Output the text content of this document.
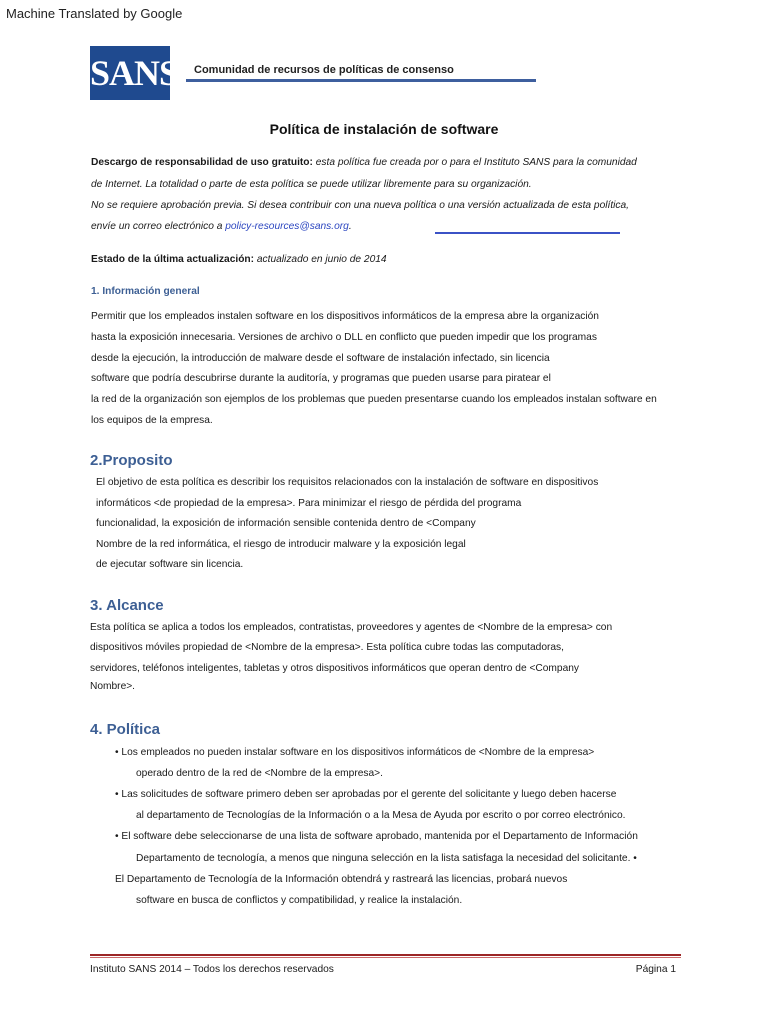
Machine Translated by Google
SANS Comunidad de recursos de políticas de consenso
Política de instalación de software
Descargo de responsabilidad de uso gratuito: esta política fue creada por o para el Instituto SANS para la comunidad
de Internet. La totalidad o parte de esta política se puede utilizar libremente para su organización.
No se requiere aprobación previa. Si desea contribuir con una nueva política o una versión actualizada de esta política,
envíe un correo electrónico a policy-resources@sans.org.
Estado de la última actualización: actualizado en junio de 2014
1. Información general
Permitir que los empleados instalen software en los dispositivos informáticos de la empresa abre la organización
hasta la exposición innecesaria. Versiones de archivo o DLL en conflicto que pueden impedir que los programas
desde la ejecución, la introducción de malware desde el software de instalación infectado, sin licencia
software que podría descubrirse durante la auditoría, y programas que pueden usarse para piratear el
la red de la organización son ejemplos de los problemas que pueden presentarse cuando los empleados instalan software en
los equipos de la empresa.
2.Proposito
El objetivo de esta política es describir los requisitos relacionados con la instalación de software en dispositivos
informáticos <de propiedad de la empresa>. Para minimizar el riesgo de pérdida del programa
funcionalidad, la exposición de información sensible contenida dentro de <Company
Nombre de la red informática, el riesgo de introducir malware y la exposición legal
de ejecutar software sin licencia.
3. Alcance
Esta política se aplica a todos los empleados, contratistas, proveedores y agentes de <Nombre de la empresa> con
dispositivos móviles propiedad de <Nombre de la empresa>. Esta política cubre todas las computadoras,
servidores, teléfonos inteligentes, tabletas y otros dispositivos informáticos que operan dentro de <Company
Nombre>.
4. Política
• Los empleados no pueden instalar software en los dispositivos informáticos de <Nombre de la empresa>
operado dentro de la red de <Nombre de la empresa>.
• Las solicitudes de software primero deben ser aprobadas por el gerente del solicitante y luego deben hacerse
al departamento de Tecnologías de la Información o a la Mesa de Ayuda por escrito o por correo electrónico.
• El software debe seleccionarse de una lista de software aprobado, mantenida por el Departamento de Información
Departamento de tecnología, a menos que ninguna selección en la lista satisfaga la necesidad del solicitante. •
El Departamento de Tecnología de la Información obtendrá y rastreará las licencias, probará nuevos
software en busca de conflictos y compatibilidad, y realice la instalación.
Instituto SANS 2014 – Todos los derechos reservados	Página 1
